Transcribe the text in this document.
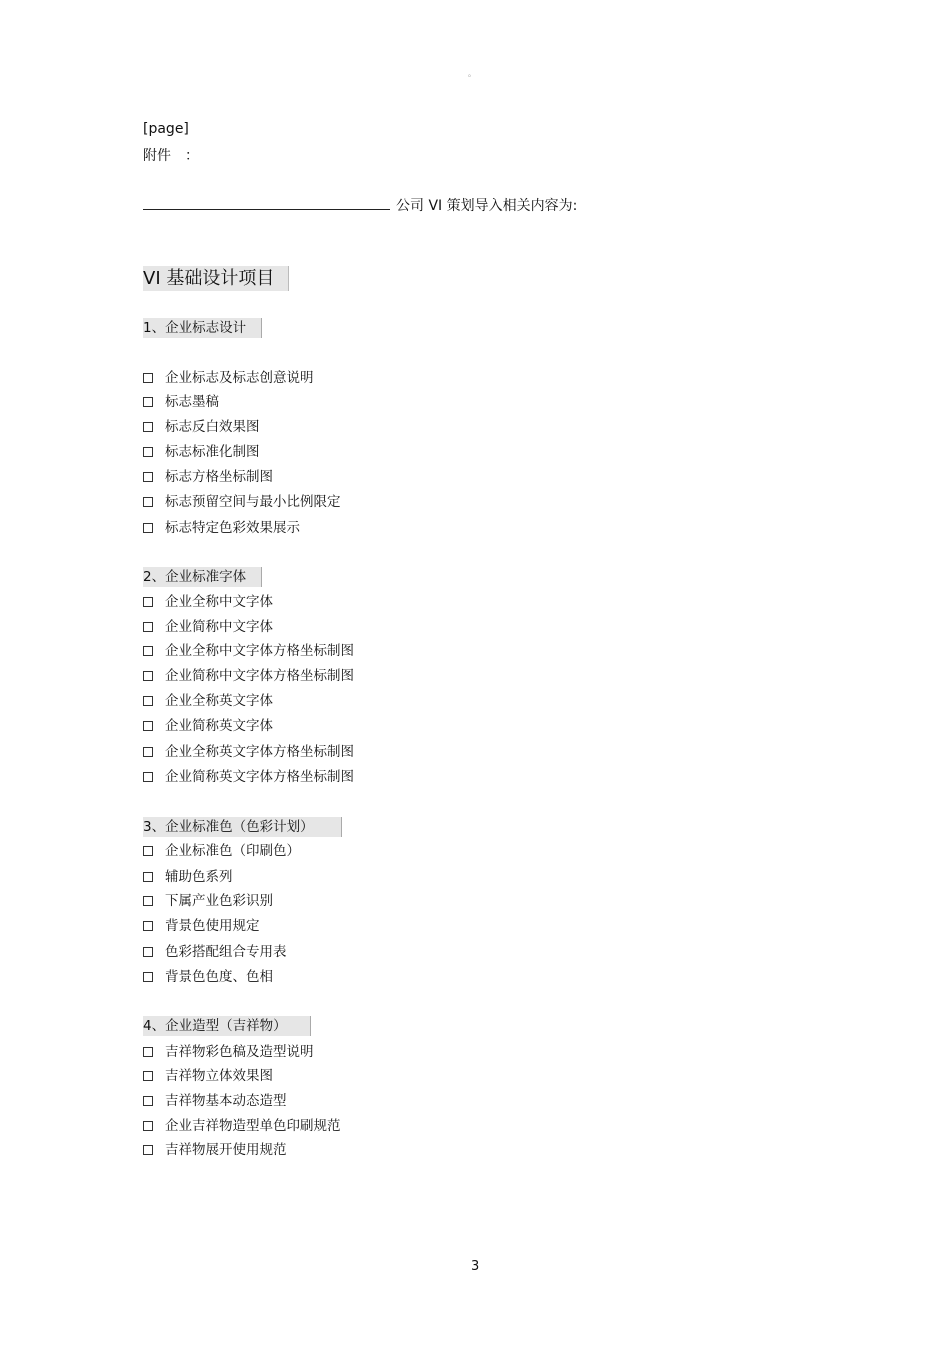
。
[page]
附件　：
公司 VI 策划导入相关内容为:
VI 基础设计项目
1、企业标志设计
企业标志及标志创意说明
标志墨稿
标志反白效果图
标志标准化制图
标志方格坐标制图
标志预留空间与最小比例限定
标志特定色彩效果展示
2、企业标准字体
企业全称中文字体
企业简称中文字体
企业全称中文字体方格坐标制图
企业简称中文字体方格坐标制图
企业全称英文字体
企业简称英文字体
企业全称英文字体方格坐标制图
企业简称英文字体方格坐标制图
3、企业标准色（色彩计划）
企业标准色（印刷色）
辅助色系列
下属产业色彩识别
背景色使用规定
色彩搭配组合专用表
背景色色度、色相
4、企业造型（吉祥物）
吉祥物彩色稿及造型说明
吉祥物立体效果图
吉祥物基本动态造型
企业吉祥物造型单色印刷规范
吉祥物展开使用规范
3
